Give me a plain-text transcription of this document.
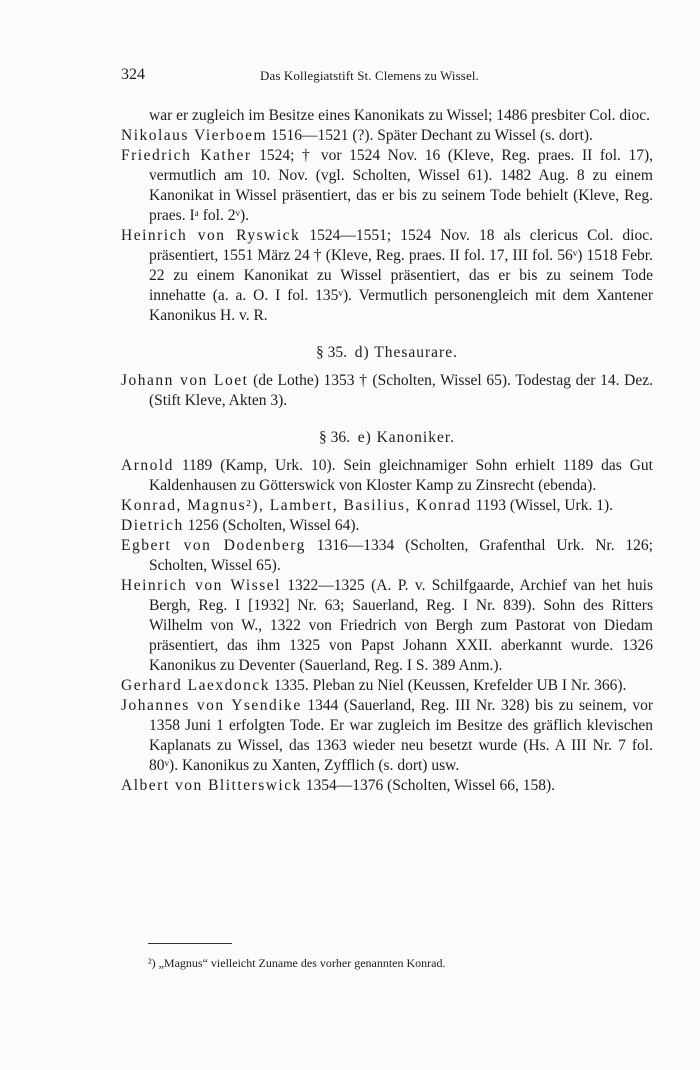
324	Das Kollegiatstift St. Clemens zu Wissel.
war er zugleich im Besitze eines Kanonikats zu Wissel; 1486 presbiter Col. dioc.
Nikolaus Vierboem 1516—1521 (?). Später Dechant zu Wissel (s. dort).
Friedrich Kather 1524; † vor 1524 Nov. 16 (Kleve, Reg. praes. II fol. 17), vermutlich am 10. Nov. (vgl. Scholten, Wissel 61). 1482 Aug. 8 zu einem Kanonikat in Wissel präsentiert, das er bis zu seinem Tode behielt (Kleve, Reg. praes. Iᵃ fol. 2ᵛ).
Heinrich von Ryswick 1524—1551; 1524 Nov. 18 als clericus Col. dioc. präsentiert, 1551 März 24 † (Kleve, Reg. praes. II fol. 17, III fol. 56ᵛ) 1518 Febr. 22 zu einem Kanonikat zu Wissel präsentiert, das er bis zu seinem Tode innehatte (a. a. O. I fol. 135ᵛ). Vermutlich personengleich mit dem Xantener Kanonikus H. v. R.
§ 35. d) Thesaurare.
Johann von Loet (de Lothe) 1353 † (Scholten, Wissel 65). Todestag der 14. Dez. (Stift Kleve, Akten 3).
§ 36. e) Kanoniker.
Arnold 1189 (Kamp, Urk. 10). Sein gleichnamiger Sohn erhielt 1189 das Gut Kaldenhausen zu Götterswick von Kloster Kamp zu Zinsrecht (ebenda).
Konrad, Magnus²), Lambert, Basilius, Konrad 1193 (Wissel, Urk. 1).
Dietrich 1256 (Scholten, Wissel 64).
Egbert von Dodenberg 1316—1334 (Scholten, Grafenthal Urk. Nr. 126; Scholten, Wissel 65).
Heinrich von Wissel 1322—1325 (A. P. v. Schilfgaarde, Archief van het huis Bergh, Reg. I [1932] Nr. 63; Sauerland, Reg. I Nr. 839). Sohn des Ritters Wilhelm von W., 1322 von Friedrich von Bergh zum Pastorat von Diedam präsentiert, das ihm 1325 von Papst Johann XXII. aberkannt wurde. 1326 Kanonikus zu Deventer (Sauerland, Reg. I S. 389 Anm.).
Gerhard Laexdonck 1335. Pleban zu Niel (Keussen, Krefelder UB I Nr. 366).
Johannes von Ysendike 1344 (Sauerland, Reg. III Nr. 328) bis zu seinem, vor 1358 Juni 1 erfolgten Tode. Er war zugleich im Besitze des gräflich klevischen Kaplanats zu Wissel, das 1363 wieder neu besetzt wurde (Hs. A III Nr. 7 fol. 80ᵛ). Kanonikus zu Xanten, Zyfflich (s. dort) usw.
Albert von Blitterswick 1354—1376 (Scholten, Wissel 66, 158).
²) „Magnus“ vielleicht Zuname des vorher genannten Konrad.
